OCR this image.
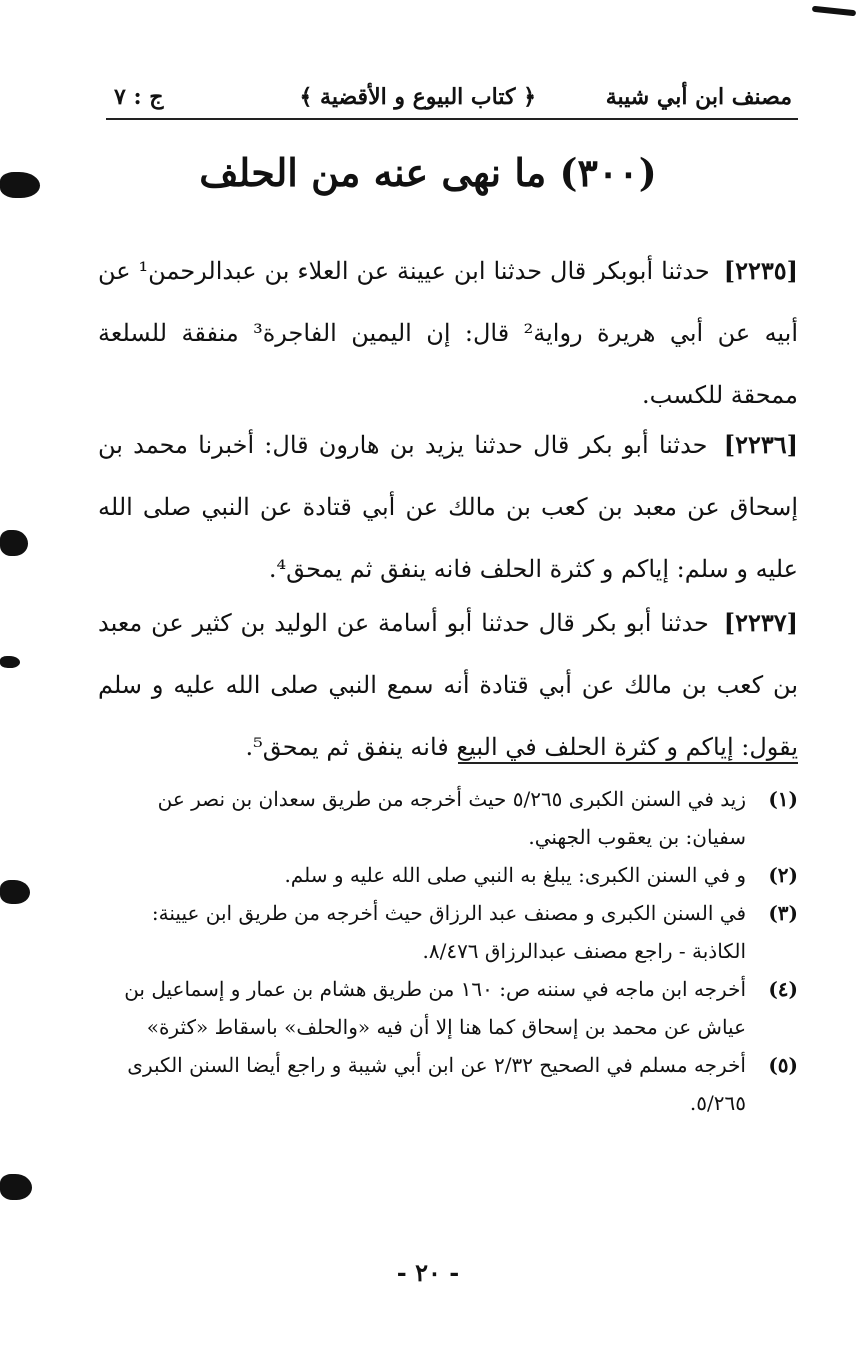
مصنف ابن أبي شيبة
﴿ كتاب البيوع و الأقضية ﴾
ج : ٧
(٣٠٠) ما نهى عنه من الحلف

[٢٢٣٥] حدثنا أبوبكر قال حدثنا ابن عيينة عن العلاء بن عبدالرحمن¹ عن أبيه عن أبي هريرة رواية² قال: إن اليمين الفاجرة³ منفقة للسلعة ممحقة للكسب.

[٢٢٣٦] حدثنا أبو بكر قال حدثنا يزيد بن هارون قال: أخبرنا محمد بن إسحاق عن معبد بن كعب بن مالك عن أبي قتادة عن النبي صلى الله عليه و سلم: إياكم و كثرة الحلف فانه ينفق ثم يمحق⁴.

[٢٢٣٧] حدثنا أبو بكر قال حدثنا أبو أسامة عن الوليد بن كثير عن معبد بن كعب بن مالك عن أبي قتادة أنه سمع النبي صلى الله عليه و سلم يقول: إياكم و كثرة الحلف في البيع فانه ينفق ثم يمحق⁵.

(١)
زيد في السنن الكبرى ٥/٢٦٥ حيث أخرجه من طريق سعدان بن نصر عن سفيان: بن يعقوب الجهني.
(٢)
و في السنن الكبرى: يبلغ به النبي صلى الله عليه و سلم.
(٣)
في السنن الكبرى و مصنف عبد الرزاق حيث أخرجه من طريق ابن عيينة: الكاذبة - راجع مصنف عبدالرزاق ٨/٤٧٦.
(٤)
أخرجه ابن ماجه في سننه ص: ١٦٠ من طريق هشام بن عمار و إسماعيل بن عياش عن محمد بن إسحاق كما هنا إلا أن فيه «والحلف» باسقاط «كثرة»
(٥)
أخرجه مسلم في الصحيح ٢/٣٢ عن ابن أبي شيبة و راجع أيضا السنن الكبرى ٥/٢٦٥.
- ٢٠ -
